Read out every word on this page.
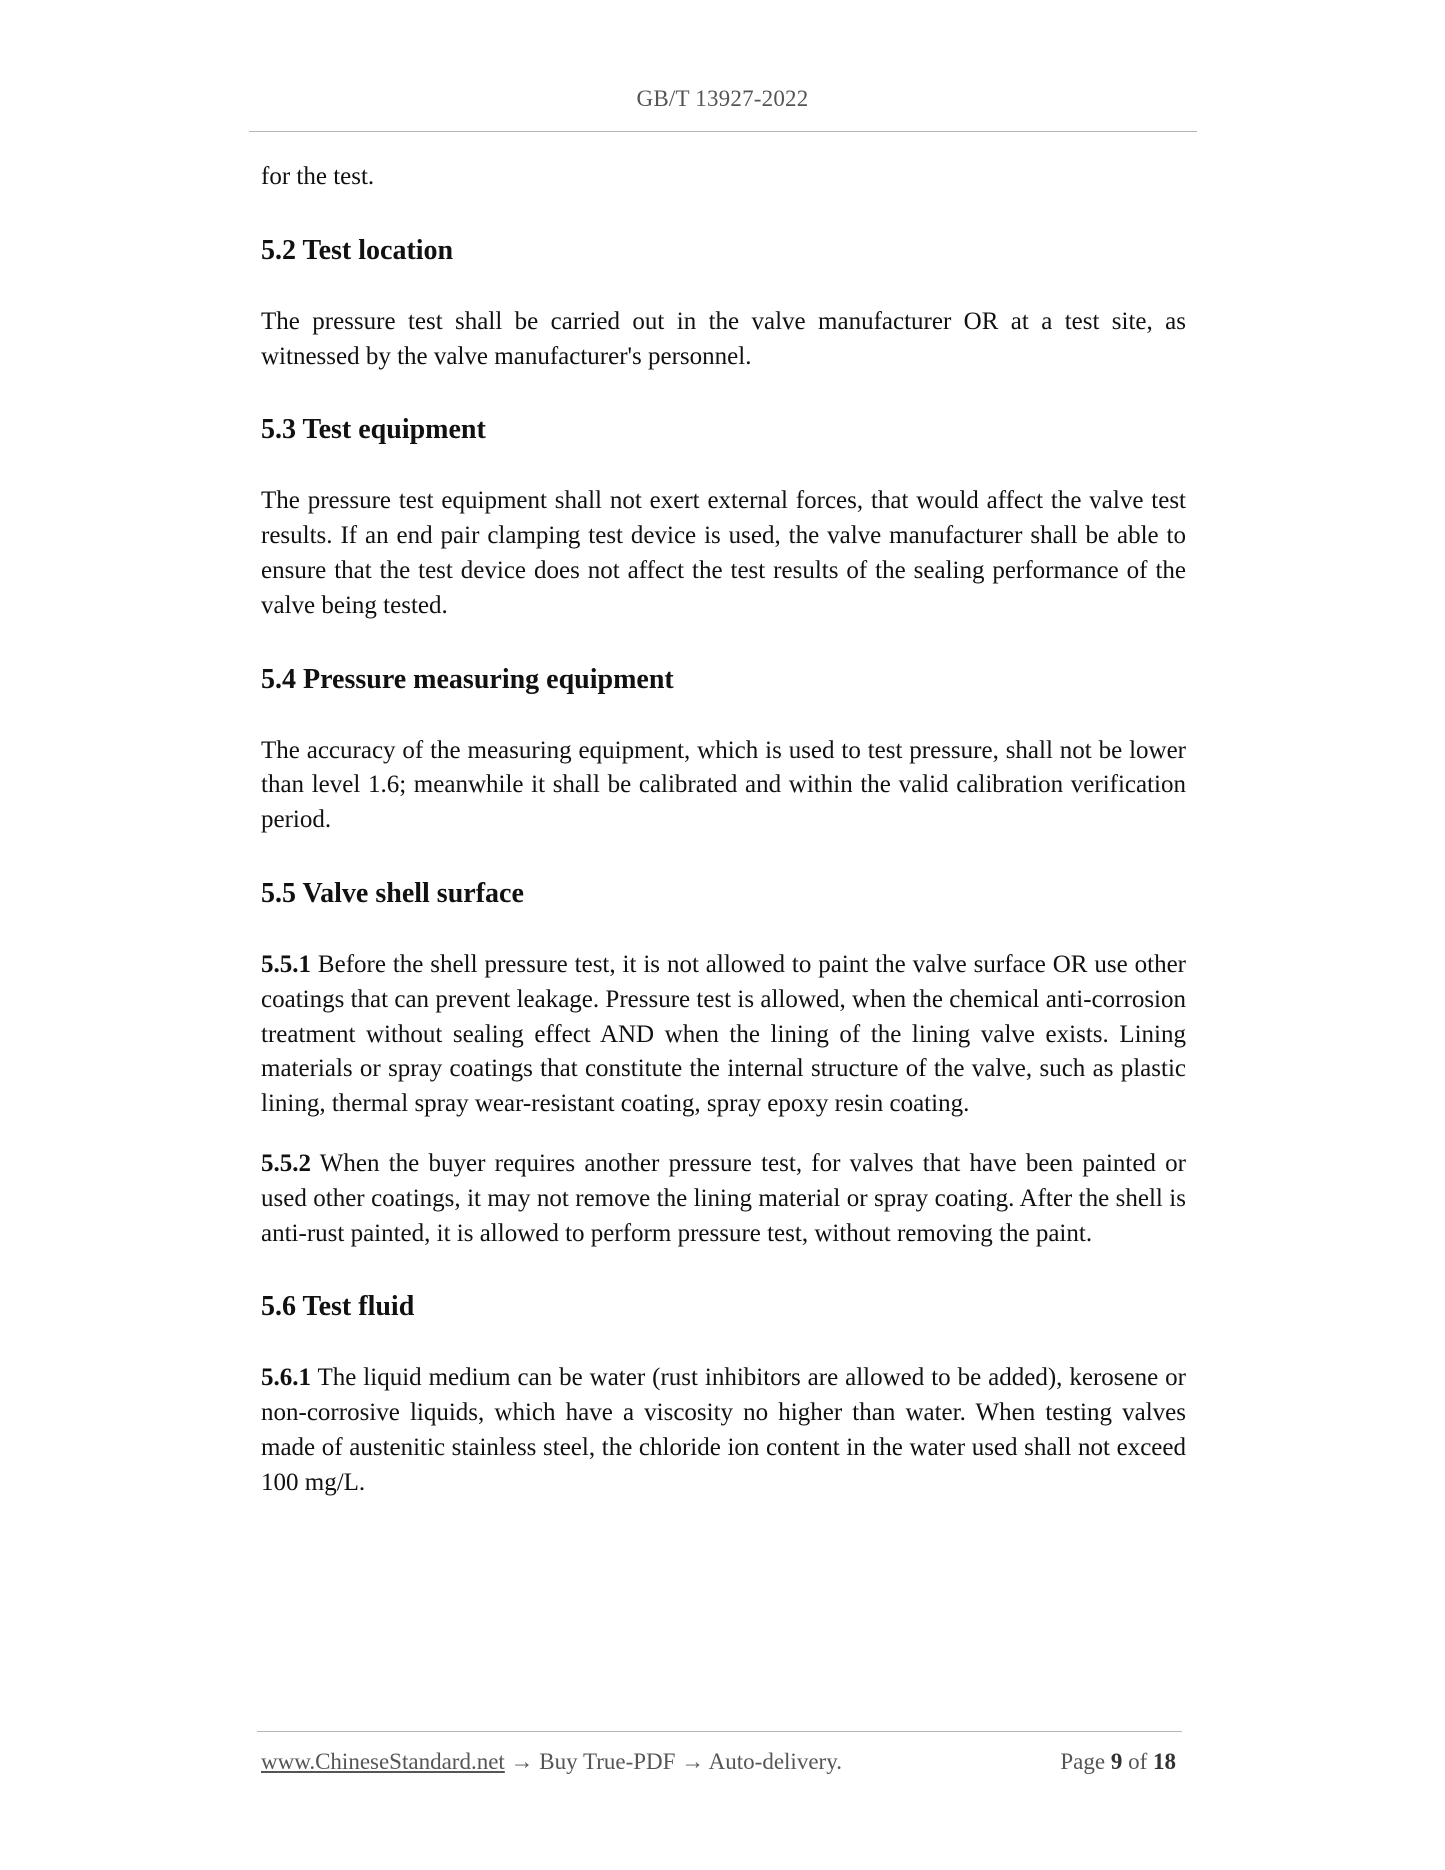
GB/T 13927-2022

for the test.

5.2 Test location

The pressure test shall be carried out in the valve manufacturer OR at a test site, as witnessed by the valve manufacturer's personnel.

5.3 Test equipment

The pressure test equipment shall not exert external forces, that would affect the valve test results. If an end pair clamping test device is used, the valve manufacturer shall be able to ensure that the test device does not affect the test results of the sealing performance of the valve being tested.

5.4 Pressure measuring equipment

The accuracy of the measuring equipment, which is used to test pressure, shall not be lower than level 1.6; meanwhile it shall be calibrated and within the valid calibration verification period.

5.5 Valve shell surface

5.5.1 Before the shell pressure test, it is not allowed to paint the valve surface OR use other coatings that can prevent leakage. Pressure test is allowed, when the chemical anti-corrosion treatment without sealing effect AND when the lining of the lining valve exists. Lining materials or spray coatings that constitute the internal structure of the valve, such as plastic lining, thermal spray wear-resistant coating, spray epoxy resin coating.

5.5.2 When the buyer requires another pressure test, for valves that have been painted or used other coatings, it may not remove the lining material or spray coating. After the shell is anti-rust painted, it is allowed to perform pressure test, without removing the paint.

5.6 Test fluid

5.6.1 The liquid medium can be water (rust inhibitors are allowed to be added), kerosene or non-corrosive liquids, which have a viscosity no higher than water. When testing valves made of austenitic stainless steel, the chloride ion content in the water used shall not exceed 100 mg/L.

www.ChineseStandard.net → Buy True-PDF → Auto-delivery.	Page 9 of 18
